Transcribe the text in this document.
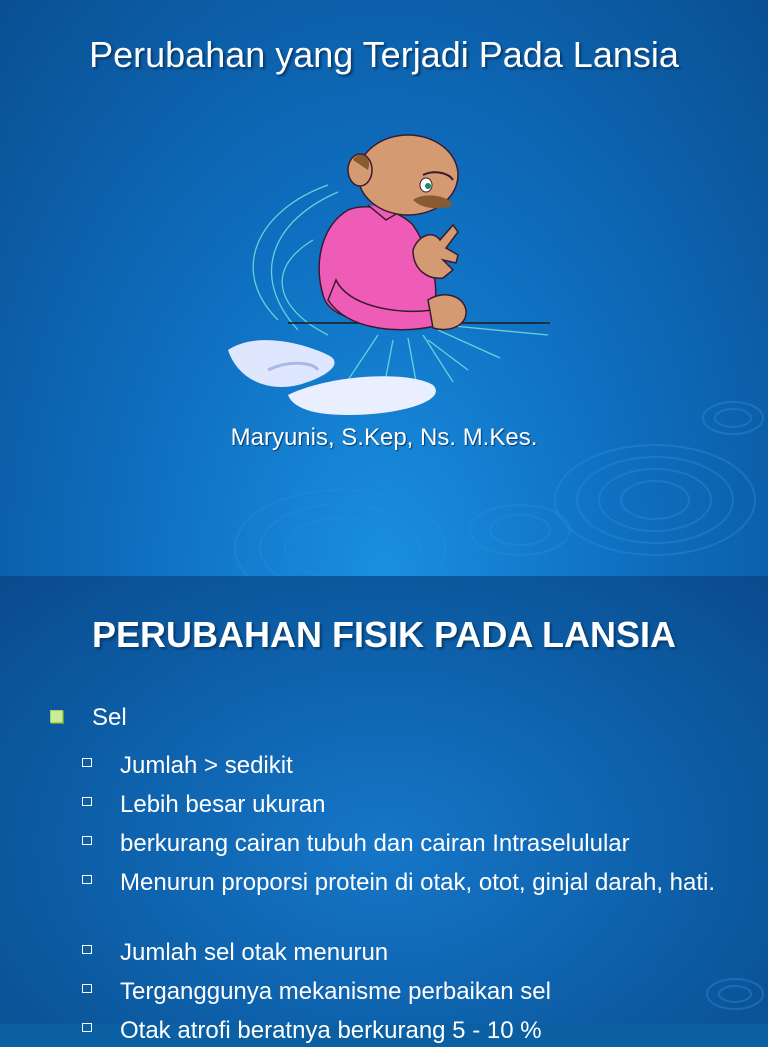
Perubahan yang Terjadi Pada Lansia
Maryunis, S.Kep, Ns. M.Kes.
PERUBAHAN FISIK PADA LANSIA
Sel
Jumlah > sedikit
Lebih besar ukuran
berkurang cairan tubuh dan cairan Intraselulular
Menurun proporsi protein di otak, otot, ginjal darah, hati.
Jumlah sel otak menurun
Terganggunya mekanisme perbaikan sel
Otak atrofi beratnya berkurang 5 - 10 %
